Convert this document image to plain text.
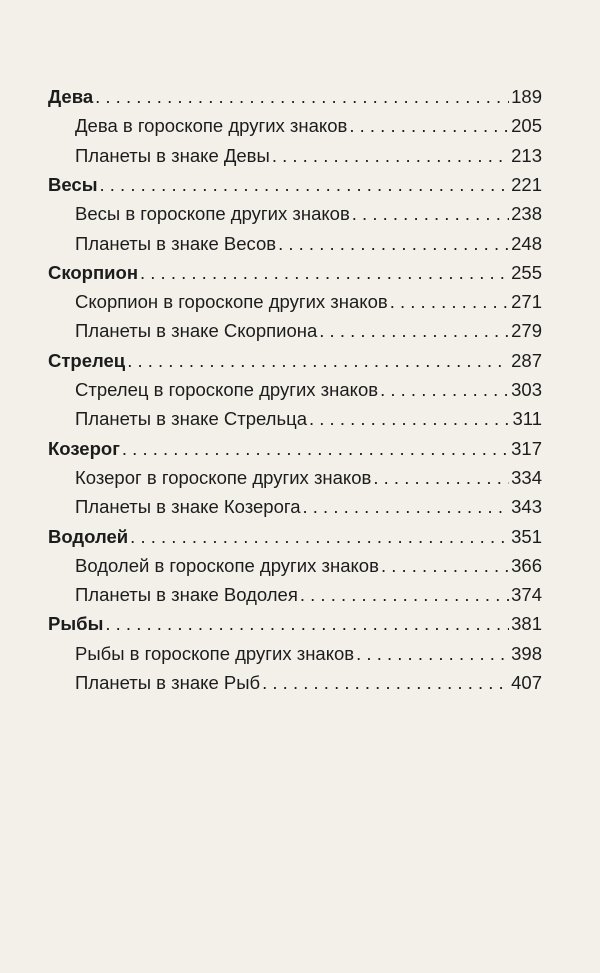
Дева . . .	189
Дева в гороскопе других знаков . . .	205
Планеты в знаке Девы . . .	213
Весы . . .	221
Весы в гороскопе других знаков . . .	238
Планеты в знаке Весов . . .	248
Скорпион . . .	255
Скорпион в гороскопе других знаков . . .	271
Планеты в знаке Скорпиона . . .	279
Стрелец . . .	287
Стрелец в гороскопе других знаков . . .	303
Планеты в знаке Стрельца . . .	311
Козерог . . .	317
Козерог в гороскопе других знаков . . .	334
Планеты в знаке Козерога . . .	343
Водолей . . .	351
Водолей в гороскопе других знаков . . .	366
Планеты в знаке Водолея . . .	374
Рыбы . . .	381
Рыбы в гороскопе других знаков . . .	398
Планеты в знаке Рыб . . .	407
